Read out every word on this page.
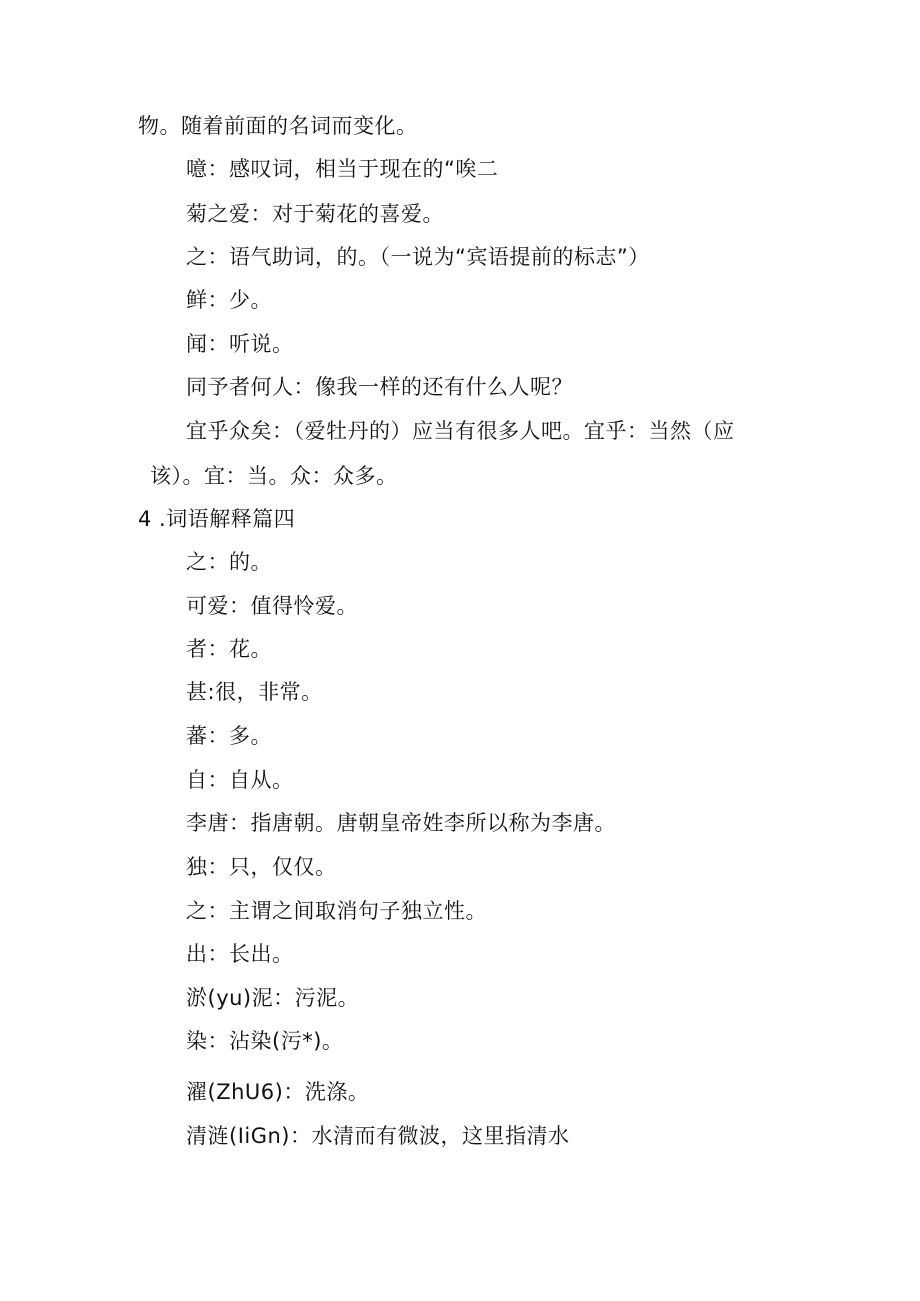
物。随着前面的名词而变化。
噫：感叹词，相当于现在的“唉二
菊之爱：对于菊花的喜爱。
之：语气助词，的。（一说为“宾语提前的标志”）
鲜：少。
闻：听说。
同予者何人：像我一样的还有什么人呢？
宜乎众矣：（爱牡丹的）应当有很多人吧。宜乎：当然（应
该）。宜：当。众：众多。
4 .词语解释篇四
之：的。
可爱：值得怜爱。
者：花。
甚:很，非常。
蕃：多。
自：自从。
李唐：指唐朝。唐朝皇帝姓李所以称为李唐。
独：只，仅仅。
之：主谓之间取消句子独立性。
出：长出。
淤(yu)泥：污泥。
染：沾染(污*)。
濯(ZhU6)：洗涤。
清涟(IiGn)：水清而有微波，这里指清水
